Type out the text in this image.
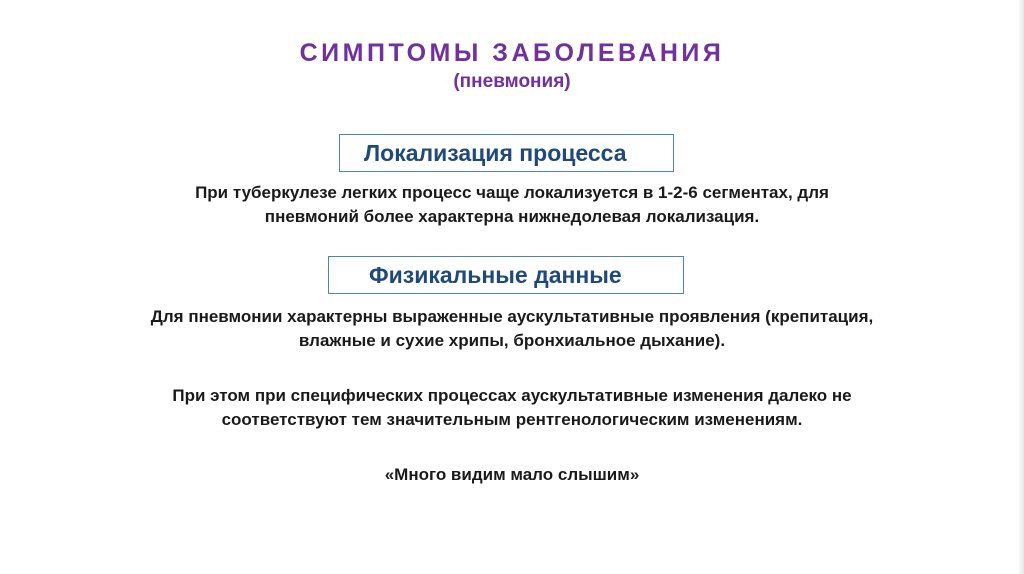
СИМПТОМЫ ЗАБОЛЕВАНИЯ
(пневмония)
Локализация процесса
При туберкулезе легких процесс чаще локализуется в 1-2-6 сегментах, для пневмоний более характерна нижнедолевая локализация.
Физикальные данные
Для пневмонии характерны выраженные аускультативные проявления (крепитация, влажные и сухие хрипы, бронхиальное дыхание).
При этом при специфических процессах аускультативные изменения далеко не соответствуют тем значительным рентгенологическим изменениям.
«Много видим мало слышим»
